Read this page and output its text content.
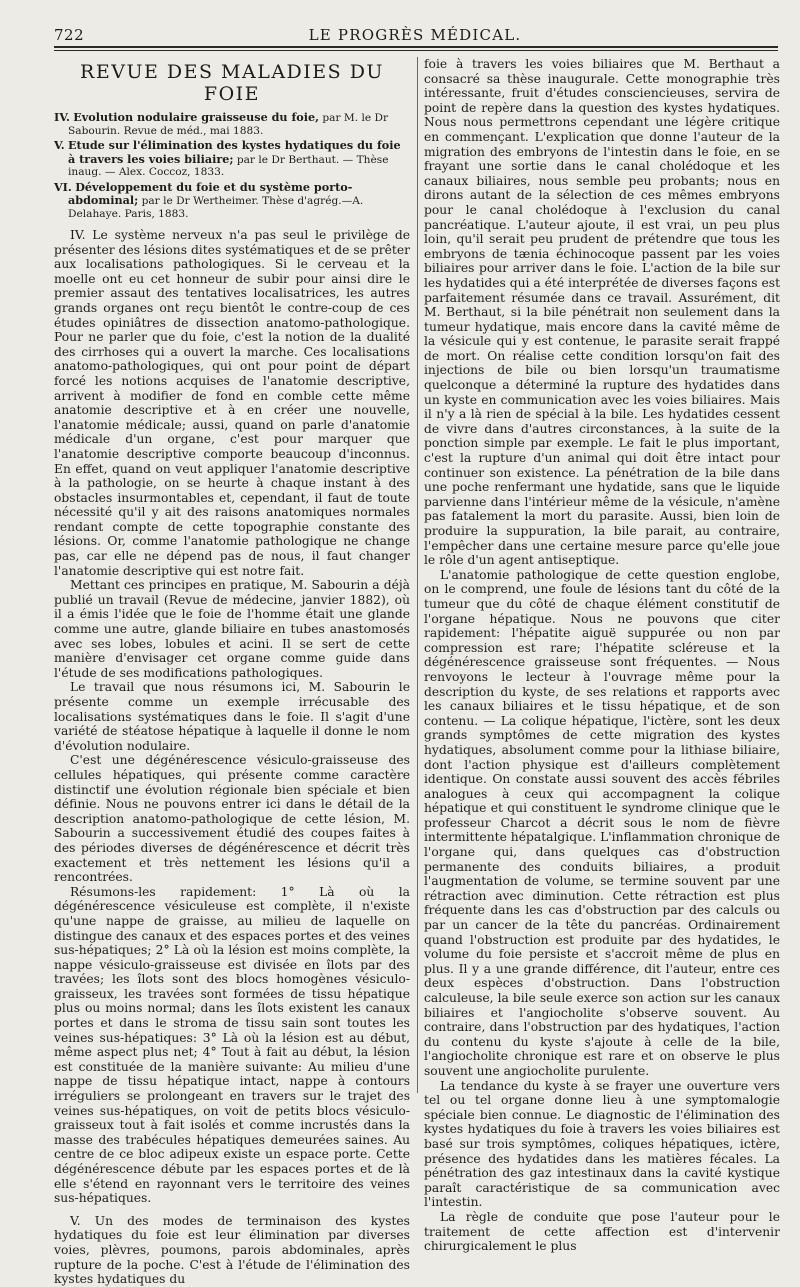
722	LE PROGRÈS MÉDICAL.
REVUE DES MALADIES DU FOIE
IV. Evolution nodulaire graisseuse du foie, par M. le Dr Sabourin. Revue de méd., mai 1883.
V. Etude sur l'élimination des kystes hydatiques du foie à travers les voies biliaire; par le Dr Berthaut. — Thèse inaug. — Alex. Coccoz, 1833.
VI. Développement du foie et du système porto-abdominal; par le Dr Wertheimer. Thèse d'agrég.—A. Delahaye. Paris, 1883.

IV. Le système nerveux n'a pas seul le privilège de présenter des lésions dites systématiques et de se prêter aux localisations pathologiques. Si le cerveau et la moelle ont eu cet honneur de subir pour ainsi dire le premier assaut des tentatives localisatrices, les autres grands organes ont reçu bientôt le contre-coup de ces études opiniâtres de dissection anatomo-pathologique. Pour ne parler que du foie, c'est la notion de la dualité des cirrhoses qui a ouvert la marche. Ces localisations anatomo-pathologiques, qui ont pour point de départ forcé les notions acquises de l'anatomie descriptive, arrivent à modifier de fond en comble cette même anatomie descriptive et à en créer une nouvelle, l'anatomie médicale; aussi, quand on parle d'anatomie médicale d'un organe, c'est pour marquer que l'anatomie descriptive comporte beaucoup d'inconnus. En effet, quand on veut appliquer l'anatomie descriptive à la pathologie, on se heurte à chaque instant à des obstacles insurmontables et, cependant, il faut de toute nécessité qu'il y ait des raisons anatomiques normales rendant compte de cette topographie constante des lésions. Or, comme l'anatomie pathologique ne change pas, car elle ne dépend pas de nous, il faut changer l'anatomie descriptive qui est notre fait.

Mettant ces principes en pratique, M. Sabourin a déjà publié un travail (Revue de médecine, janvier 1882), où il a émis l'idée que le foie de l'homme était une glande comme une autre, glande biliaire en tubes anastomosés avec ses lobes, lobules et acini. Il se sert de cette manière d'envisager cet organe comme guide dans l'étude de ses modifications pathologiques.

Le travail que nous résumons ici, M. Sabourin le présente comme un exemple irrécusable des localisations systématiques dans le foie. Il s'agit d'une variété de stéatose hépatique à laquelle il donne le nom d'évolution nodulaire.

C'est une dégénérescence vésiculo-graisseuse des cellules hépatiques, qui présente comme caractère distinctif une évolution régionale bien spéciale et bien définie. Nous ne pouvons entrer ici dans le détail de la description anatomo-pathologique de cette lésion, M. Sabourin a successivement étudié des coupes faites à des périodes diverses de dégénérescence et décrit très exactement et très nettement les lésions qu'il a rencontrées.

Résumons-les rapidement: 1° Là où la dégénérescence vésiculeuse est complète, il n'existe qu'une nappe de graisse, au milieu de laquelle on distingue des canaux et des espaces portes et des veines sus-hépatiques; 2° Là où la lésion est moins complète, la nappe vésiculo-graisseuse est divisée en îlots par des travées; les îlots sont des blocs homogènes vésiculo-graisseux, les travées sont formées de tissu hépatique plus ou moins normal; dans les îlots existent les canaux portes et dans le stroma de tissu sain sont toutes les veines sus-hépatiques: 3° Là où la lésion est au début, même aspect plus net; 4° Tout à fait au début, la lésion est constituée de la manière suivante: Au milieu d'une nappe de tissu hépatique intact, nappe à contours irréguliers se prolongeant en travers sur le trajet des veines sus-hépatiques, on voit de petits blocs vésiculo-graisseux tout à fait isolés et comme incrustés dans la masse des trabécules hépatiques demeurées saines. Au centre de ce bloc adipeux existe un espace porte. Cette dégénérescence débute par les espaces portes et de là elle s'étend en rayonnant vers le territoire des veines sus-hépatiques.

V. Un des modes de terminaison des kystes hydatiques du foie est leur élimination par diverses voies, plèvres, poumons, parois abdominales, après rupture de la poche. C'est à l'étude de l'élimination des kystes hydatiques du

foie à travers les voies biliaires que M. Berthaut a consacré sa thèse inaugurale. Cette monographie très intéressante, fruit d'études consciencieuses, servira de point de repère dans la question des kystes hydatiques. Nous nous permettrons cependant une légère critique en commençant. L'explication que donne l'auteur de la migration des embryons de l'intestin dans le foie, en se frayant une sortie dans le canal cholédoque et les canaux biliaires, nous semble peu probants; nous en dirons autant de la sélection de ces mêmes embryons pour le canal cholédoque à l'exclusion du canal pancréatique. L'auteur ajoute, il est vrai, un peu plus loin, qu'il serait peu prudent de prétendre que tous les embryons de tænia échinocoque passent par les voies biliaires pour arriver dans le foie. L'action de la bile sur les hydatides qui a été interprétée de diverses façons est parfaitement résumée dans ce travail. Assurément, dit M. Berthaut, si la bile pénétrait non seulement dans la tumeur hydatique, mais encore dans la cavité même de la vésicule qui y est contenue, le parasite serait frappé de mort. On réalise cette condition lorsqu'on fait des injections de bile ou bien lorsqu'un traumatisme quelconque a déterminé la rupture des hydatides dans un kyste en communication avec les voies biliaires. Mais il n'y a là rien de spécial à la bile. Les hydatides cessent de vivre dans d'autres circonstances, à la suite de la ponction simple par exemple. Le fait le plus important, c'est la rupture d'un animal qui doit être intact pour continuer son existence. La pénétration de la bile dans une poche renfermant une hydatide, sans que le liquide parvienne dans l'intérieur même de la vésicule, n'amène pas fatalement la mort du parasite. Aussi, bien loin de produire la suppuration, la bile parait, au contraire, l'empêcher dans une certaine mesure parce qu'elle joue le rôle d'un agent antiseptique.

L'anatomie pathologique de cette question englobe, on le comprend, une foule de lésions tant du côté de la tumeur que du côté de chaque élément constitutif de l'organe hépatique. Nous ne pouvons que citer rapidement: l'hépatite aiguë suppurée ou non par compression est rare; l'hépatite scléreuse et la dégénérescence graisseuse sont fréquentes. — Nous renvoyons le lecteur à l'ouvrage même pour la description du kyste, de ses relations et rapports avec les canaux biliaires et le tissu hépatique, et de son contenu. — La colique hépatique, l'ictère, sont les deux grands symptômes de cette migration des kystes hydatiques, absolument comme pour la lithiase biliaire, dont l'action physique est d'ailleurs complètement identique. On constate aussi souvent des accès fébriles analogues à ceux qui accompagnent la colique hépatique et qui constituent le syndrome clinique que le professeur Charcot a décrit sous le nom de fièvre intermittente hépatalgique. L'inflammation chronique de l'organe qui, dans quelques cas d'obstruction permanente des conduits biliaires, a produit l'augmentation de volume, se termine souvent par une rétraction avec diminution. Cette rétraction est plus fréquente dans les cas d'obstruction par des calculs ou par un cancer de la tête du pancréas. Ordinairement quand l'obstruction est produite par des hydatides, le volume du foie persiste et s'accroit même de plus en plus. Il y a une grande différence, dit l'auteur, entre ces deux espèces d'obstruction. Dans l'obstruction calculeuse, la bile seule exerce son action sur les canaux biliaires et l'angiocholite s'observe souvent. Au contraire, dans l'obstruction par des hydatiques, l'action du contenu du kyste s'ajoute à celle de la bile, l'angiocholite chronique est rare et on observe le plus souvent une angiocholite purulente.

La tendance du kyste à se frayer une ouverture vers tel ou tel organe donne lieu à une symptomalogie spéciale bien connue. Le diagnostic de l'élimination des kystes hydatiques du foie à travers les voies biliaires est basé sur trois symptômes, coliques hépatiques, ictère, présence des hydatides dans les matières fécales. La pénétration des gaz intestinaux dans la cavité kystique paraît caractéristique de sa communication avec l'intestin.

La règle de conduite que pose l'auteur pour le traitement de cette affection est d'intervenir chirurgicalement le plus
